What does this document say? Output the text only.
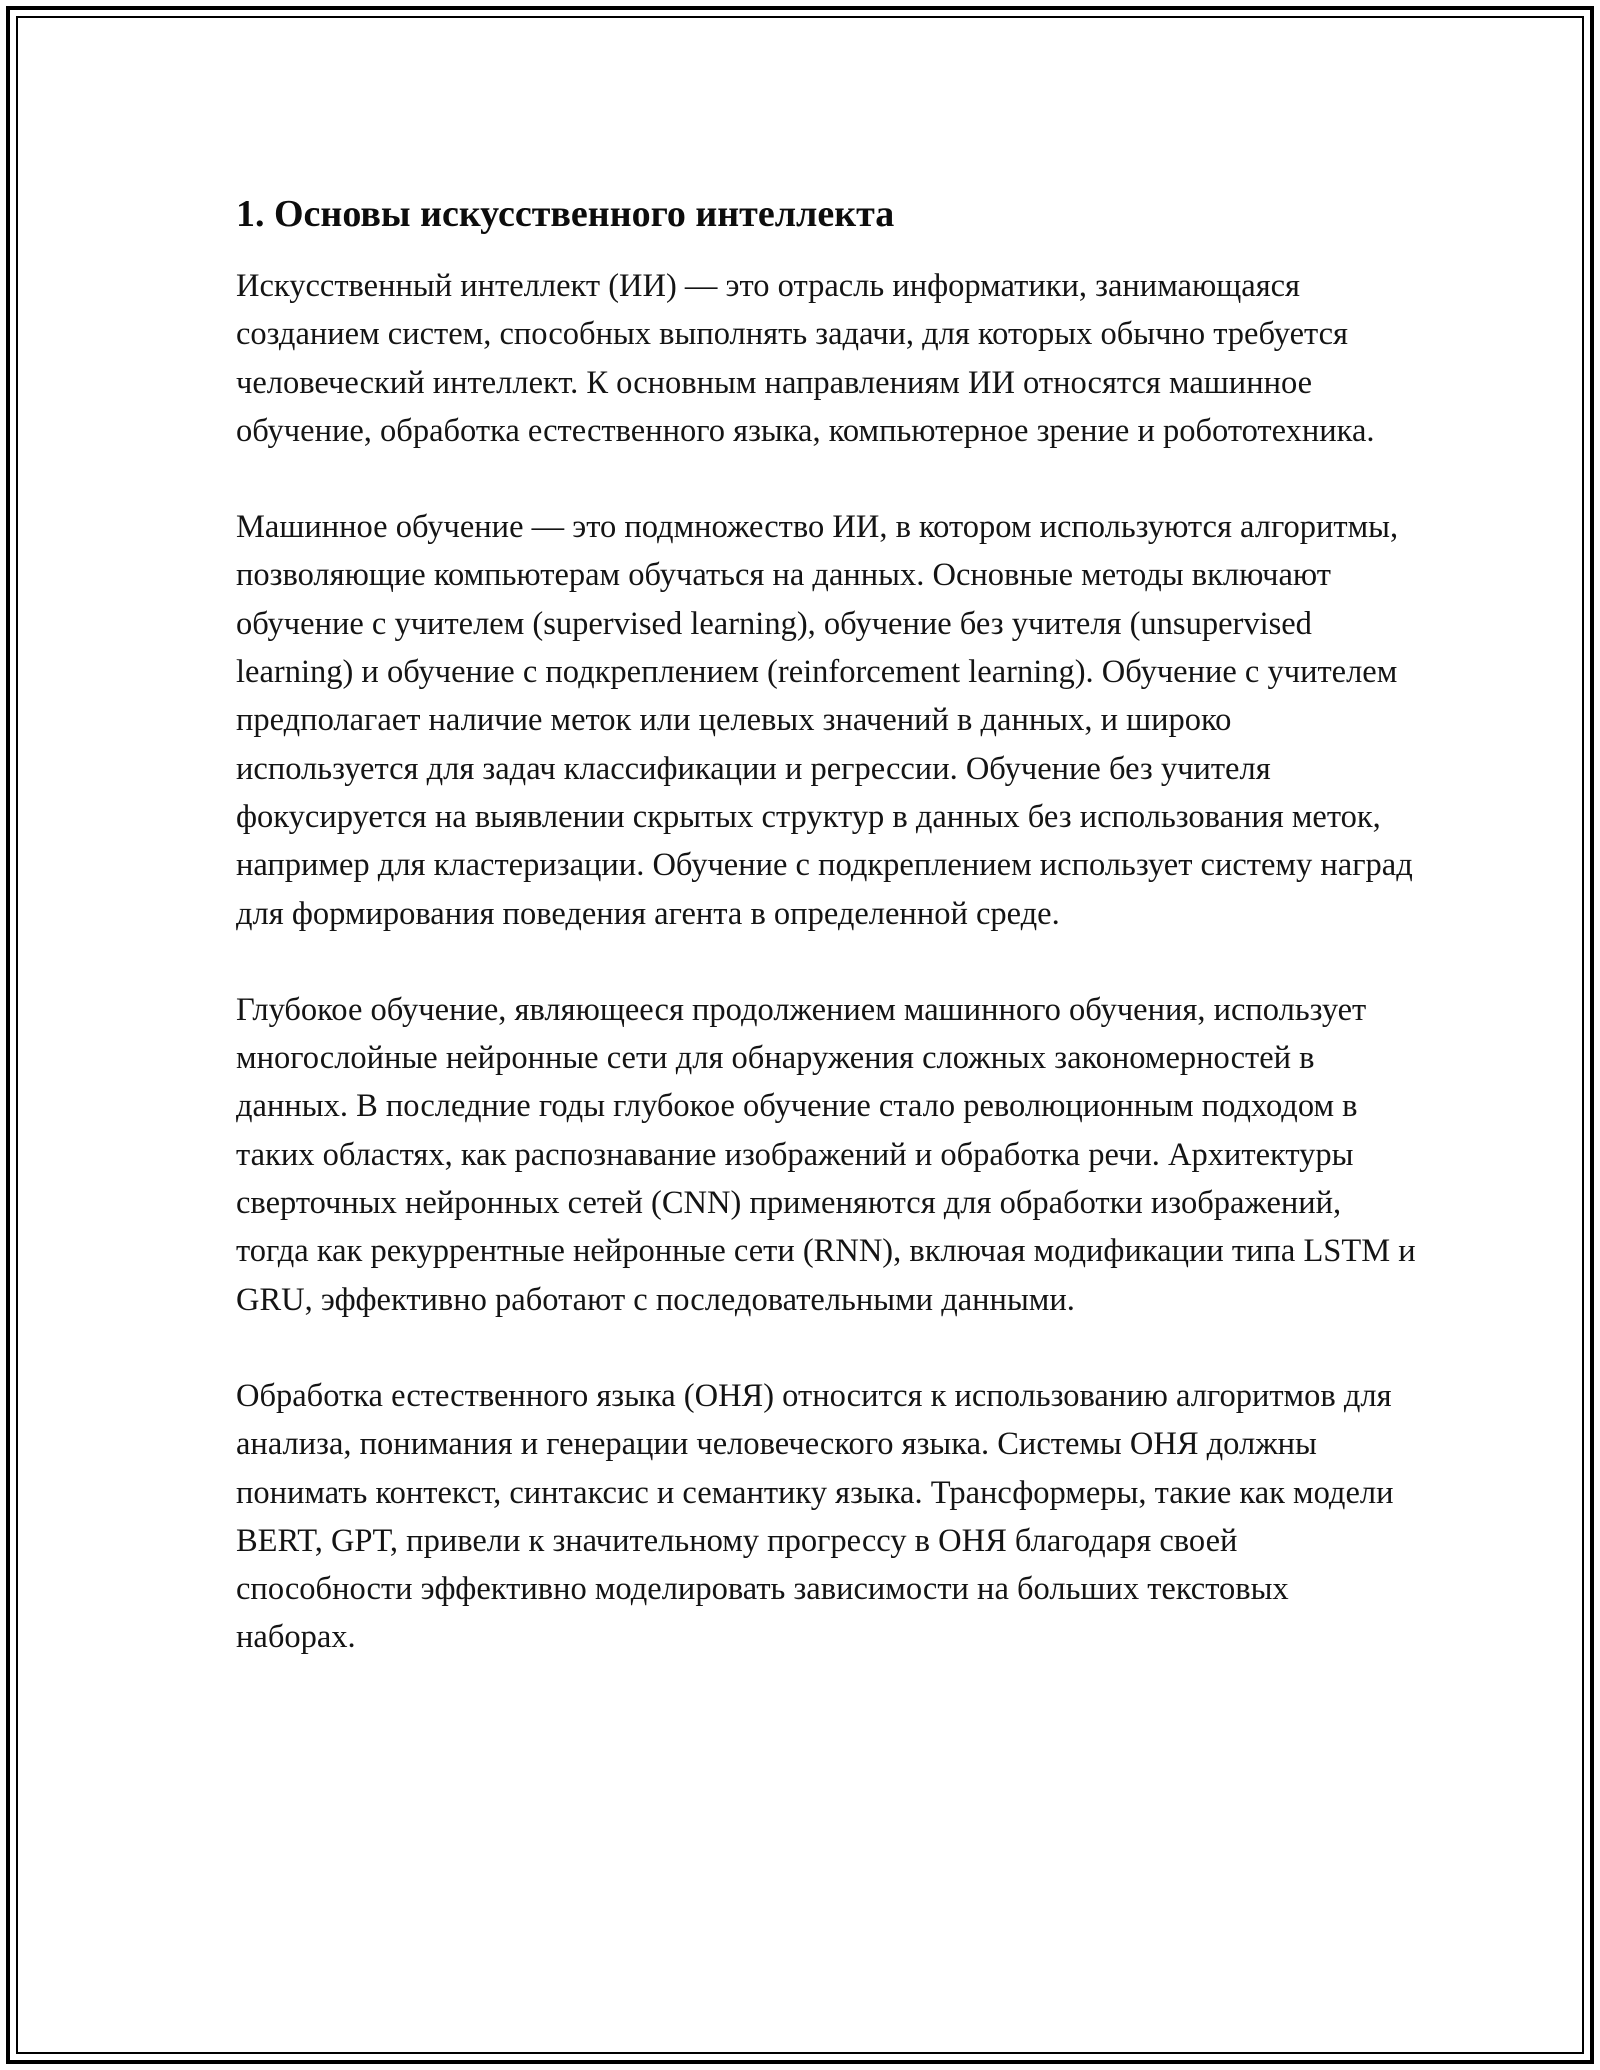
1. Основы искусственного интеллекта

Искусственный интеллект (ИИ) — это отрасль информатики, занимающаяся созданием систем, способных выполнять задачи, для которых обычно требуется человеческий интеллект. К основным направлениям ИИ относятся машинное обучение, обработка естественного языка, компьютерное зрение и робототехника.

Машинное обучение — это подмножество ИИ, в котором используются алгоритмы, позволяющие компьютерам обучаться на данных. Основные методы включают обучение с учителем (supervised learning), обучение без учителя (unsupervised learning) и обучение с подкреплением (reinforcement learning). Обучение с учителем предполагает наличие меток или целевых значений в данных, и широко используется для задач классификации и регрессии. Обучение без учителя фокусируется на выявлении скрытых структур в данных без использования меток, например для кластеризации. Обучение с подкреплением использует систему наград для формирования поведения агента в определенной среде.

Глубокое обучение, являющееся продолжением машинного обучения, использует многослойные нейронные сети для обнаружения сложных закономерностей в данных. В последние годы глубокое обучение стало революционным подходом в таких областях, как распознавание изображений и обработка речи. Архитектуры сверточных нейронных сетей (CNN) применяются для обработки изображений, тогда как рекуррентные нейронные сети (RNN), включая модификации типа LSTM и GRU, эффективно работают с последовательными данными.

Обработка естественного языка (ОНЯ) относится к использованию алгоритмов для анализа, понимания и генерации человеческого языка. Системы ОНЯ должны понимать контекст, синтаксис и семантику языка. Трансформеры, такие как модели BERT, GPT, привели к значительному прогрессу в ОНЯ благодаря своей способности эффективно моделировать зависимости на больших текстовых наборах.
